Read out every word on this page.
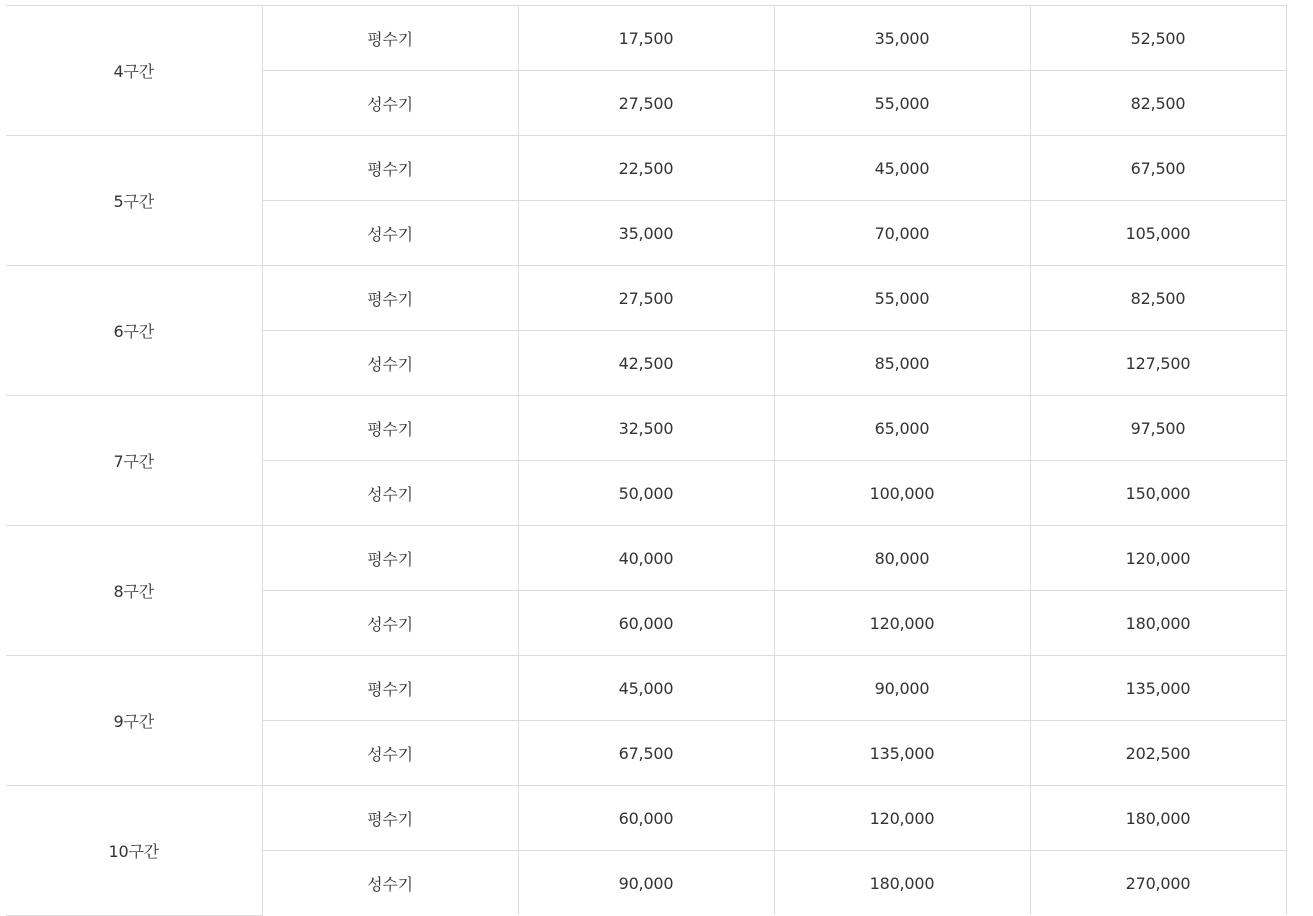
4구간	평수기	17,500	35,000	52,500
	성수기	27,500	55,000	82,500
5구간	평수기	22,500	45,000	67,500
	성수기	35,000	70,000	105,000
6구간	평수기	27,500	55,000	82,500
	성수기	42,500	85,000	127,500
7구간	평수기	32,500	65,000	97,500
	성수기	50,000	100,000	150,000
8구간	평수기	40,000	80,000	120,000
	성수기	60,000	120,000	180,000
9구간	평수기	45,000	90,000	135,000
	성수기	67,500	135,000	202,500
10구간	평수기	60,000	120,000	180,000
	성수기	90,000	180,000	270,000
